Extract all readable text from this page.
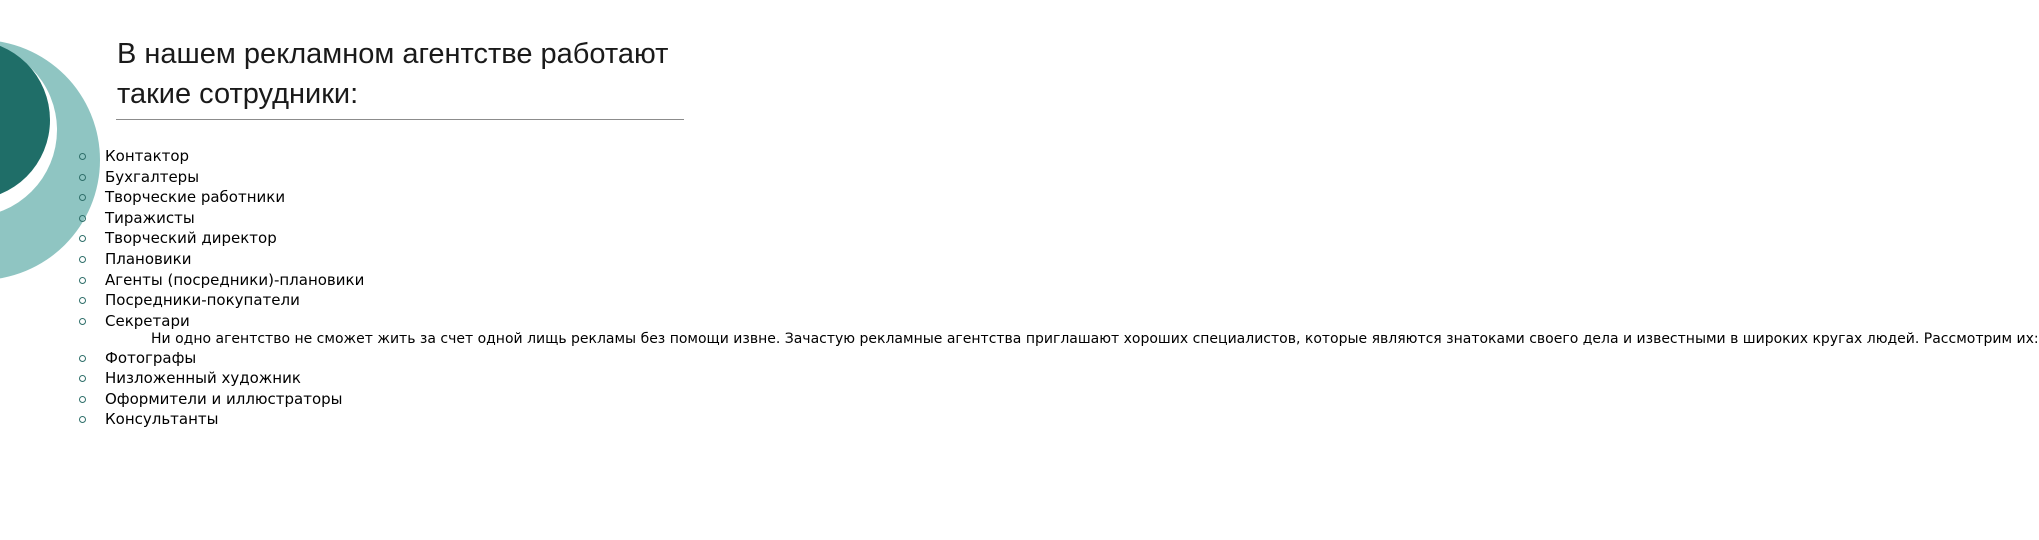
В нашем рекламном агентстве работают такие сотрудники:
Контактор
Бухгалтеры
Творческие работники
Тиражисты
Творческий директор
Плановики
Агенты (посредники)-плановики
Посредники-покупатели
Секретари
Ни одно агентство не сможет жить за счет одной лищь рекламы без помощи извне. Зачастую рекламные агентства приглашают хороших специалистов, которые являются знатоками своего дела и известными в широких кругах людей. Рассмотрим их:
Фотографы
Низложенный художник
Оформители и иллюстраторы
Консультанты
